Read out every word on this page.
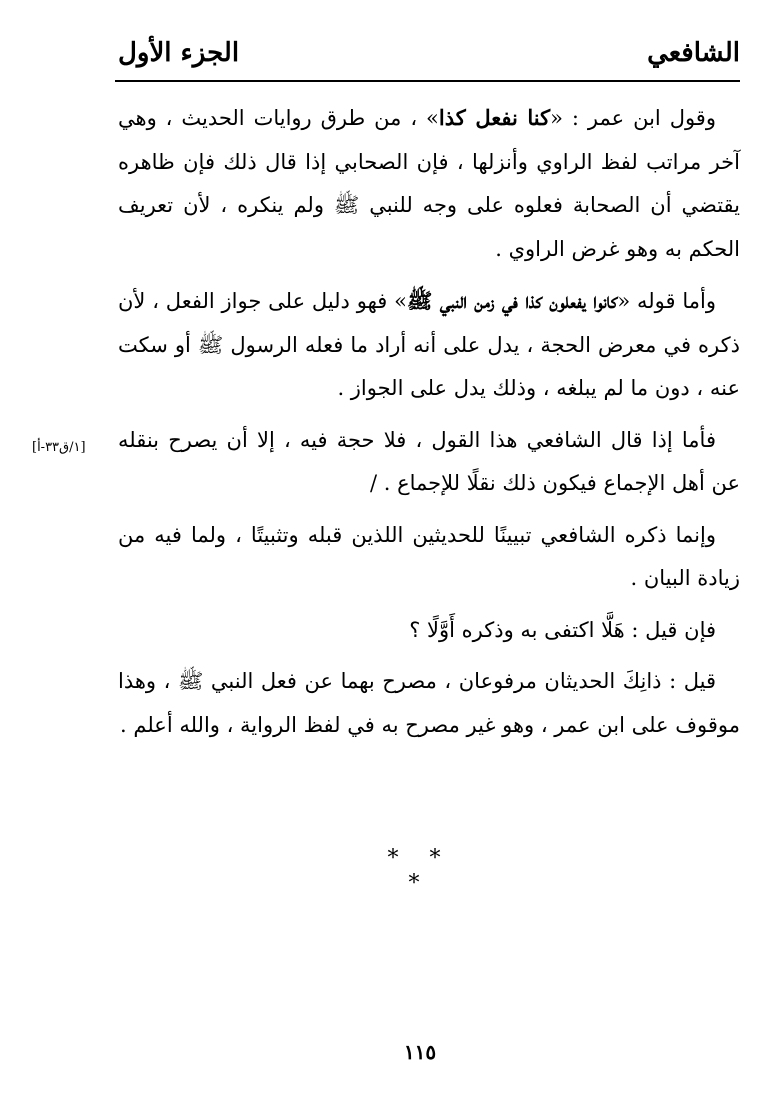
الشافعي
الجزء الأول

وقول ابن عمر : «كنا نفعل كذا» ، من طرق روايات الحديث ، وهي آخر مراتب لفظ الراوي وأنزلها ، فإن الصحابي إذا قال ذلك فإن ظاهره يقتضي أن الصحابة فعلوه على وجه للنبي ﷺ ولم ينكره ، لأن تعريف الحكم به وهو غرض الراوي .

وأما قوله «كانوا يفعلون كذا في زمن النبي ﷺ» فهو دليل على جواز الفعل ، لأن ذكره في معرض الحجة ، يدل على أنه أراد ما فعله الرسول ﷺ أو سكت عنه ، دون ما لم يبلغه ، وذلك يدل على الجواز .

فأما إذا قال الشافعي هذا القول ، فلا حجة فيه ، إلا أن يصرح بنقله عن أهل الإجماع فيكون ذلك نقلًا للإجماع . /

وإنما ذكره الشافعي تبيينًا للحديثين اللذين قبله وتثبيتًا ، ولما فيه من زيادة البيان .

فإن قيل : هَلَّا اكتفى به وذكره أَوَّلًا ؟

قيل : ذانِكَ الحديثان مرفوعان ، مصرح بهما عن فعل النبي ﷺ ، وهذا موقوف على ابن عمر ، وهو غير مصرح به في لفظ الرواية ، والله أعلم .

[١/ق٣٣-أ]
* * *
١١٥
